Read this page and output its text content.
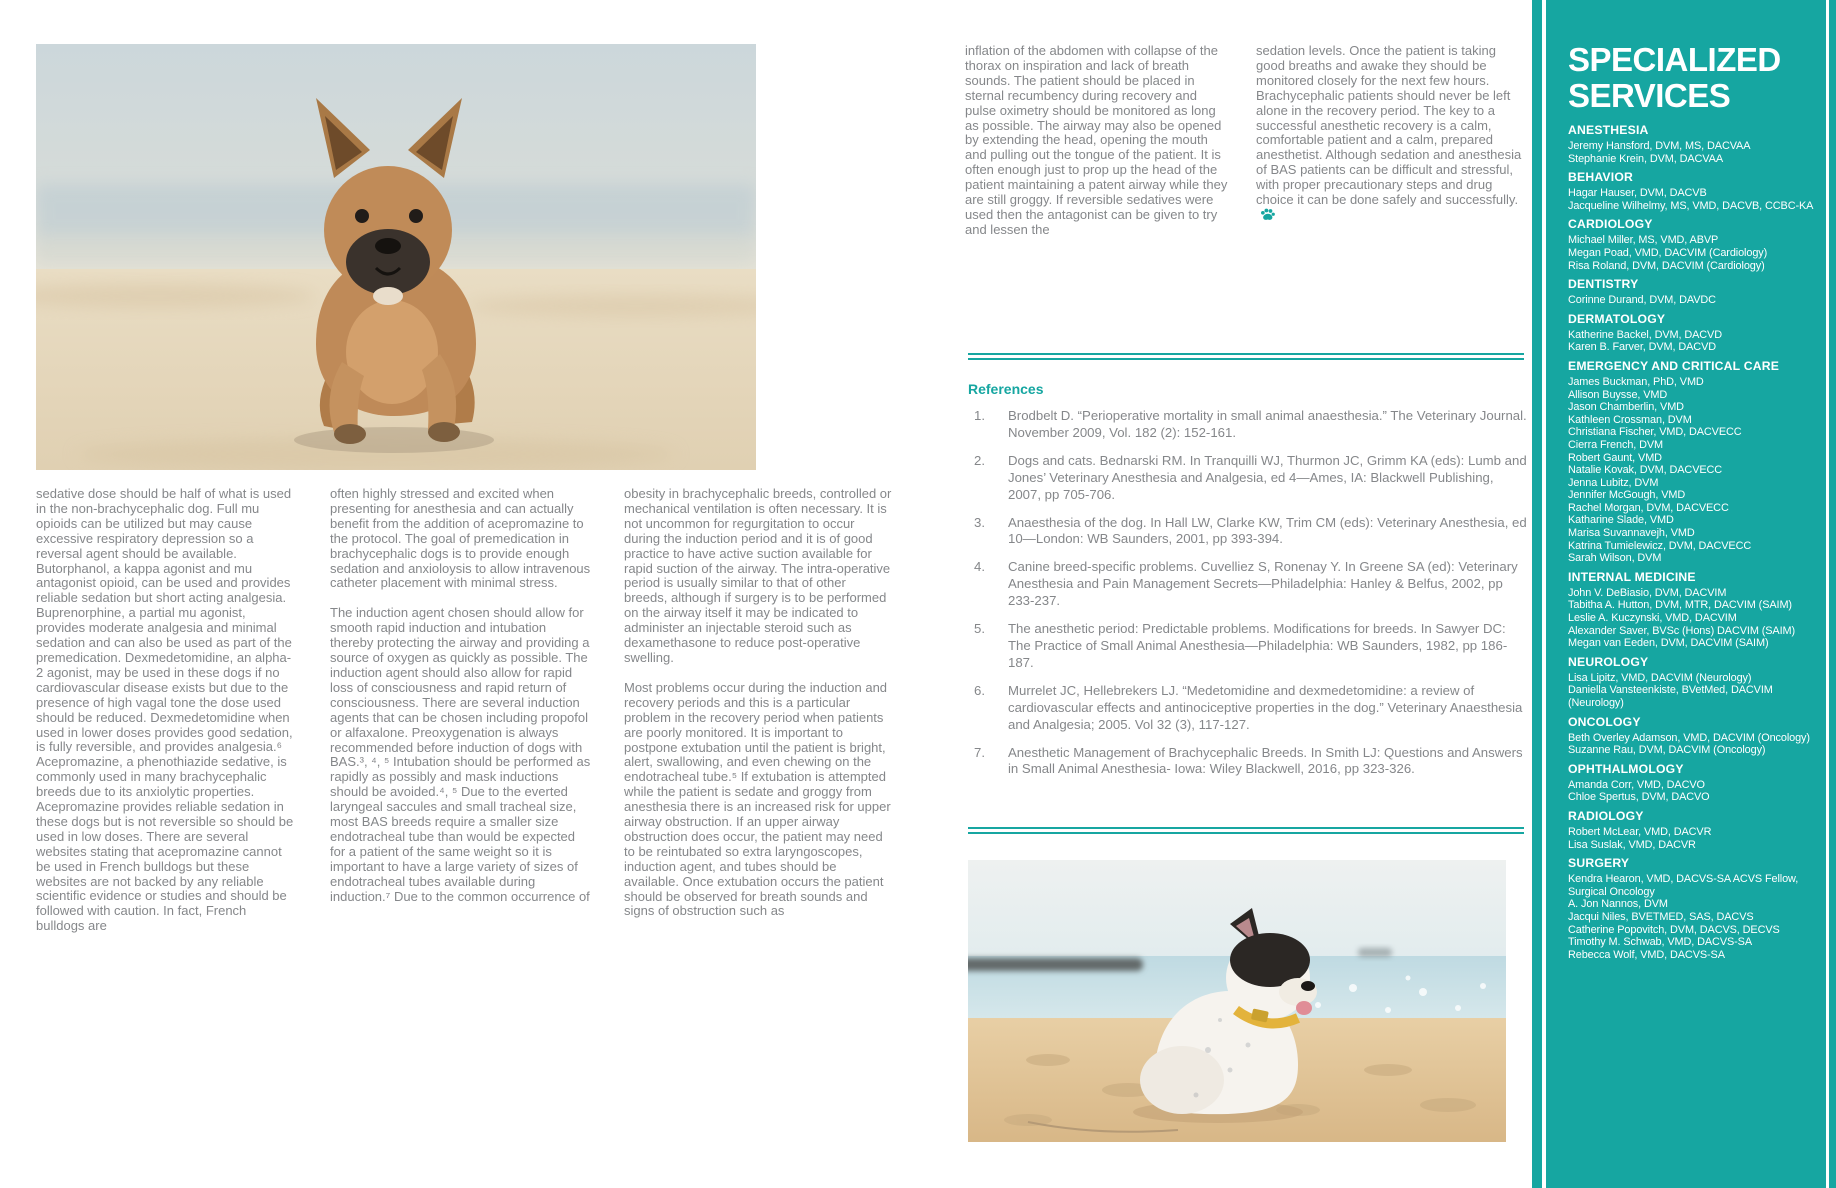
sedative dose should be half of what is used in the non-brachycephalic dog. Full mu opioids can be utilized but may cause excessive respiratory depression so a reversal agent should be available. Butorphanol, a kappa agonist and mu antagonist opioid, can be used and provides reliable sedation but short acting analgesia. Buprenorphine, a partial mu agonist, provides moderate analgesia and minimal sedation and can also be used as part of the premedication. Dexmedetomidine, an alpha-2 agonist, may be used in these dogs if no cardiovascular disease exists but due to the presence of high vagal tone the dose used should be reduced. Dexmedetomidine when used in lower doses provides good sedation, is fully reversible, and provides analgesia.⁶ Acepromazine, a phenothiazide sedative, is commonly used in many brachycephalic breeds due to its anxiolytic properties. Acepromazine provides reliable sedation in these dogs but is not reversible so should be used in low doses. There are several websites stating that acepromazine cannot be used in French bulldogs but these websites are not backed by any reliable scientific evidence or studies and should be followed with caution. In fact, French bulldogs are

often highly stressed and excited when presenting for anesthesia and can actually benefit from the addition of acepromazine to the protocol. The goal of premedication in brachycephalic dogs is to provide enough sedation and anxioloysis to allow intravenous catheter placement with minimal stress.

The induction agent chosen should allow for smooth rapid induction and intubation thereby protecting the airway and providing a source of oxygen as quickly as possible. The induction agent should also allow for rapid loss of consciousness and rapid return of consciousness. There are several induction agents that can be chosen including propofol or alfaxalone. Preoxygenation is always recommended before induction of dogs with BAS.³, ⁴, ⁵ Intubation should be performed as rapidly as possibly and mask inductions should be avoided.⁴, ⁵ Due to the everted laryngeal saccules and small tracheal size, most BAS breeds require a smaller size endotracheal tube than would be expected for a patient of the same weight so it is important to have a large variety of sizes of endotracheal tubes available during induction.⁷ Due to the common occurrence of

obesity in brachycephalic breeds, controlled or mechanical ventilation is often necessary. It is not uncommon for regurgitation to occur during the induction period and it is of good practice to have active suction available for rapid suction of the airway. The intra-operative period is usually similar to that of other breeds, although if surgery is to be performed on the airway itself it may be indicated to administer an injectable steroid such as dexamethasone to reduce post-operative swelling.

Most problems occur during the induction and recovery periods and this is a particular problem in the recovery period when patients are poorly monitored. It is important to postpone extubation until the patient is bright, alert, swallowing, and even chewing on the endotracheal tube.⁵ If extubation is attempted while the patient is sedate and groggy from anesthesia there is an increased risk for upper airway obstruction. If an upper airway obstruction does occur, the patient may need to be reintubated so extra laryngoscopes, induction agent, and tubes should be available. Once extubation occurs the patient should be observed for breath sounds and signs of obstruction such as

inflation of the abdomen with collapse of the thorax on inspiration and lack of breath sounds. The patient should be placed in sternal recumbency during recovery and pulse oximetry should be monitored as long as possible. The airway may also be opened by extending the head, opening the mouth and pulling out the tongue of the patient. It is often enough just to prop up the head of the patient maintaining a patent airway while they are still groggy. If reversible sedatives were used then the antagonist can be given to try and lessen the

sedation levels. Once the patient is taking good breaths and awake they should be monitored closely for the next few hours. Brachycephalic patients should never be left alone in the recovery period. The key to a successful anesthetic recovery is a calm, comfortable patient and a calm, prepared anesthetist. Although sedation and anesthesia of BAS patients can be difficult and stressful, with proper precautionary steps and drug choice it can be done safely and successfully.

References
Brodbelt D. “Perioperative mortality in small animal anaesthesia.” The Veterinary Journal. November 2009, Vol. 182 (2): 152-161.
Dogs and cats. Bednarski RM. In Tranquilli WJ, Thurmon JC, Grimm KA (eds): Lumb and Jones’ Veterinary Anesthesia and Analgesia, ed 4—Ames, IA: Blackwell Publishing, 2007, pp 705-706.
Anaesthesia of the dog. In Hall LW, Clarke KW, Trim CM (eds): Veterinary Anesthesia, ed 10—London: WB Saunders, 2001, pp 393-394.
Canine breed-specific problems. Cuvelliez S, Ronenay Y. In Greene SA (ed): Veterinary Anesthesia and Pain Management Secrets—Philadelphia: Hanley & Belfus, 2002, pp 233-237.
The anesthetic period: Predictable problems. Modifications for breeds. In Sawyer DC: The Practice of Small Animal Anesthesia—Philadelphia: WB Saunders, 1982, pp 186-187.
Murrelet JC, Hellebrekers LJ. “Medetomidine and dexmedetomidine: a review of cardiovascular effects and antinociceptive properties in the dog.” Veterinary Anaesthesia and Analgesia; 2005. Vol 32 (3), 117-127.
Anesthetic Management of Brachycephalic Breeds. In Smith LJ: Questions and Answers in Small Animal Anesthesia- Iowa: Wiley Blackwell, 2016, pp 323-326.
SPECIALIZED
SERVICES
ANESTHESIA
Jeremy Hansford, DVM, MS, DACVAA
Stephanie Krein, DVM, DACVAA
BEHAVIOR
Hagar Hauser, DVM, DACVB
Jacqueline Wilhelmy, MS, VMD, DACVB, CCBC-KA
CARDIOLOGY
Michael Miller, MS, VMD, ABVP
Megan Poad, VMD, DACVIM (Cardiology)
Risa Roland, DVM, DACVIM (Cardiology)
DENTISTRY
Corinne Durand, DVM, DAVDC
DERMATOLOGY
Katherine Backel, DVM, DACVD
Karen B. Farver, DVM, DACVD
EMERGENCY AND CRITICAL CARE
James Buckman, PhD, VMD
Allison Buysse, VMD
Jason Chamberlin, VMD
Kathleen Crossman, DVM
Christiana Fischer, VMD, DACVECC
Cierra French, DVM
Robert Gaunt, VMD
Natalie Kovak, DVM, DACVECC
Jenna Lubitz, DVM
Jennifer McGough, VMD
Rachel Morgan, DVM, DACVECC
Katharine Slade, VMD
Marisa Suvannavejh, VMD
Katrina Tumielewicz, DVM, DACVECC
Sarah Wilson, DVM
INTERNAL MEDICINE
John V. DeBiasio, DVM, DACVIM
Tabitha A. Hutton, DVM, MTR, DACVIM (SAIM)
Leslie A. Kuczynski, VMD, DACVIM
Alexander Saver, BVSc (Hons) DACVIM (SAIM)
Megan van Eeden, DVM, DACVIM (SAIM)
NEUROLOGY
Lisa Lipitz, VMD, DACVIM (Neurology)
Daniella Vansteenkiste, BVetMed, DACVIM (Neurology)
ONCOLOGY
Beth Overley Adamson, VMD, DACVIM (Oncology)
Suzanne Rau, DVM, DACVIM (Oncology)
OPHTHALMOLOGY
Amanda Corr, VMD, DACVO
Chloe Spertus, DVM, DACVO
RADIOLOGY
Robert McLear, VMD, DACVR
Lisa Suslak, VMD, DACVR
SURGERY
Kendra Hearon, VMD, DACVS-SA ACVS Fellow, Surgical Oncology
A. Jon Nannos, DVM
Jacqui Niles, BVETMED, SAS, DACVS
Catherine Popovitch, DVM, DACVS, DECVS
Timothy M. Schwab, VMD, DACVS-SA
Rebecca Wolf, VMD, DACVS-SA
